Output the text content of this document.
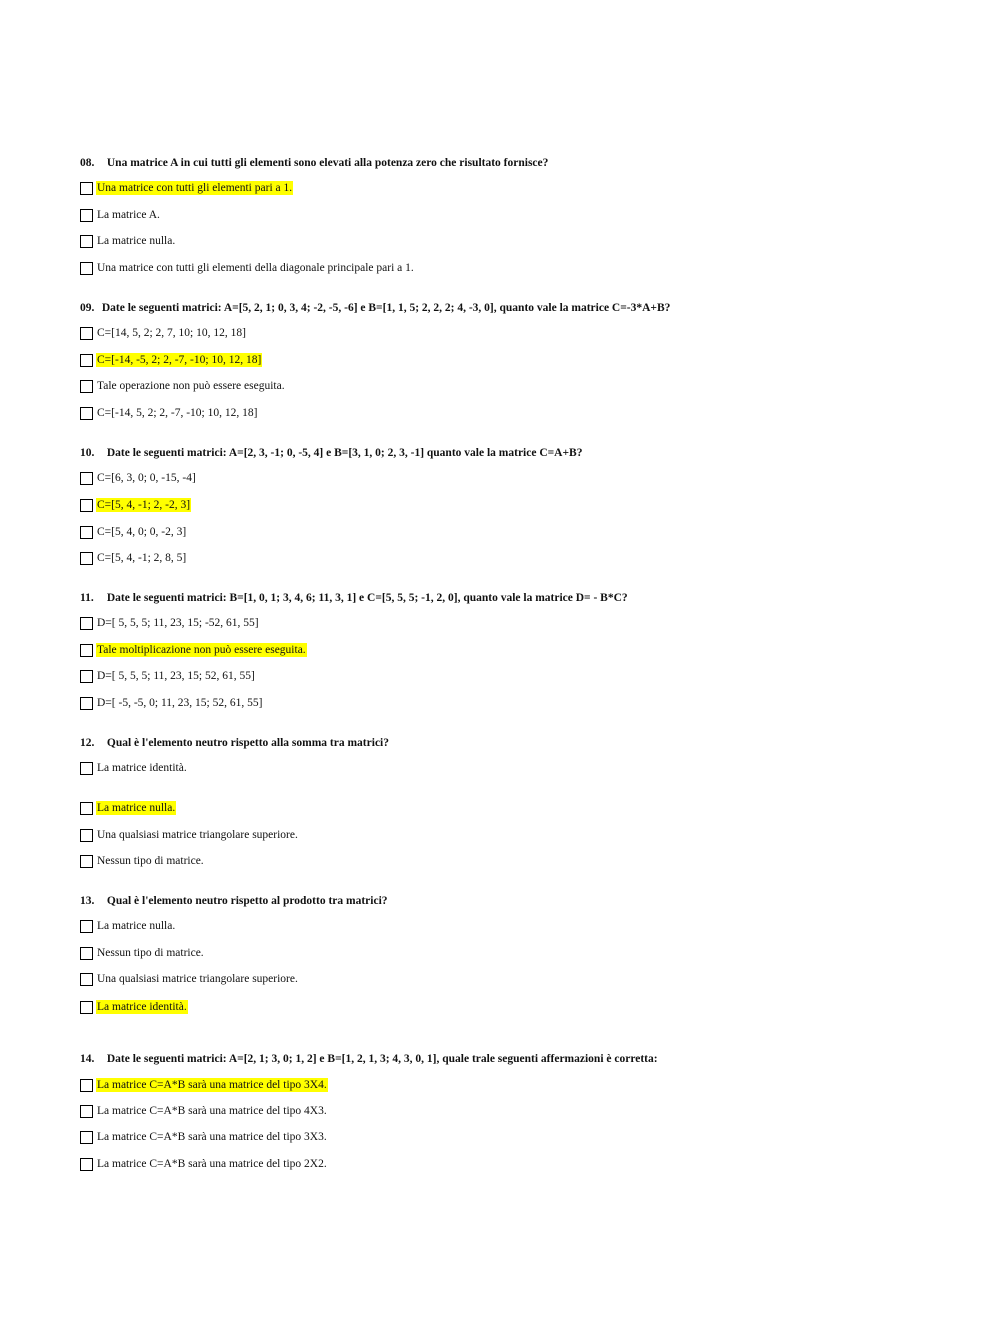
08. Una matrice A in cui tutti gli elementi sono elevati alla potenza zero che risultato fornisce?
Una matrice con tutti gli elementi pari a 1.
La matrice A.
La matrice nulla.
Una matrice con tutti gli elementi della diagonale principale pari a 1.
09. Date le seguenti matrici: A=[5, 2, 1; 0, 3, 4; -2, -5, -6] e B=[1, 1, 5; 2, 2, 2; 4, -3, 0], quanto vale la matrice C=-3*A+B?
C=[14, 5, 2; 2, 7, 10; 10, 12, 18]
C=[-14, -5, 2; 2, -7, -10; 10, 12, 18]
Tale operazione non può essere eseguita.
C=[-14, 5, 2; 2, -7, -10; 10, 12, 18]
10. Date le seguenti matrici: A=[2, 3, -1; 0, -5, 4] e B=[3, 1, 0; 2, 3, -1] quanto vale la matrice C=A+B?
C=[6, 3, 0; 0, -15, -4]
C=[5, 4, -1; 2, -2, 3]
C=[5, 4, 0; 0, -2, 3]
C=[5, 4, -1; 2, 8, 5]
11. Date le seguenti matrici: B=[1, 0, 1; 3, 4, 6; 11, 3, 1] e C=[5, 5, 5; -1, 2, 0], quanto vale la matrice D= - B*C?
D=[ 5, 5, 5; 11, 23, 15; -52, 61, 55]
Tale moltiplicazione non può essere eseguita.
D=[ 5, 5, 5; 11, 23, 15; 52, 61, 55]
D=[ -5, -5, 0; 11, 23, 15; 52, 61, 55]
12. Qual è l'elemento neutro rispetto alla somma tra matrici?
La matrice identità.
La matrice nulla.
Una qualsiasi matrice triangolare superiore.
Nessun tipo di matrice.
13. Qual è l'elemento neutro rispetto al prodotto tra matrici?
La matrice nulla.
Nessun tipo di matrice.
Una qualsiasi matrice triangolare superiore.
La matrice identità.
14. Date le seguenti matrici: A=[2, 1; 3, 0; 1, 2] e B=[1, 2, 1, 3; 4, 3, 0, 1], quale trale seguenti affermazioni è corretta:
La matrice C=A*B sarà una matrice del tipo 3X4.
La matrice C=A*B sarà una matrice del tipo 4X3.
La matrice C=A*B sarà una matrice del tipo 3X3.
La matrice C=A*B sarà una matrice del tipo 2X2.
